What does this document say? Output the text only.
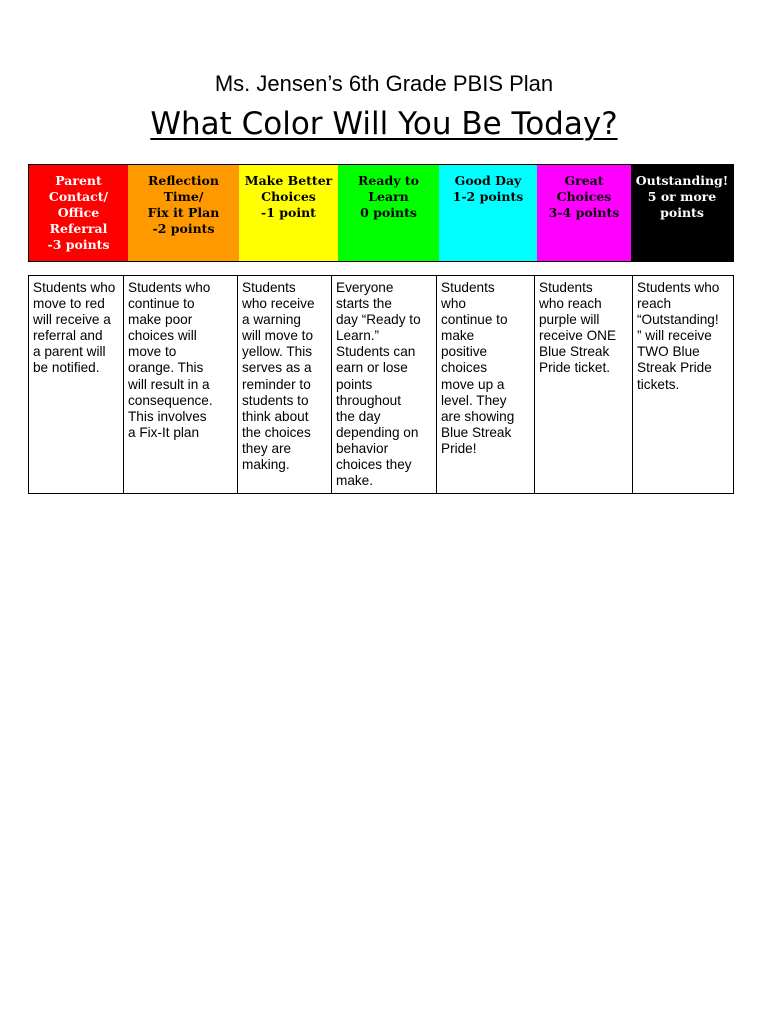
Ms. Jensen’s 6th Grade PBIS Plan
What Color Will You Be Today?
Parent
Contact/
Office
Referral
-3 points
Reflection
Time/
Fix it Plan
-2 points
Make Better
Choices
-1 point
Ready to
Learn
0 points
Good Day
1-2 points
Great
Choices
3-4 points
Outstanding!
5 or more
points
Students who
move to red
will receive a
referral and
a parent will
be notified.
Students who
continue to
make poor
choices will
move to
orange. This
will result in a
consequence.
This involves
a Fix-It plan
Students
who receive
a warning
will move to
yellow. This
serves as a
reminder to
students to
think about
the choices
they are
making.
Everyone
starts the
day “Ready to
Learn.”
Students can
earn or lose
points
throughout
the day
depending on
behavior
choices they
make.
Students
who
continue to
make
positive
choices
move up a
level. They
are showing
Blue Streak
Pride!
Students
who reach
purple will
receive ONE
Blue Streak
Pride ticket.
Students who
reach
“Outstanding!
” will receive
TWO Blue
Streak Pride
tickets.
